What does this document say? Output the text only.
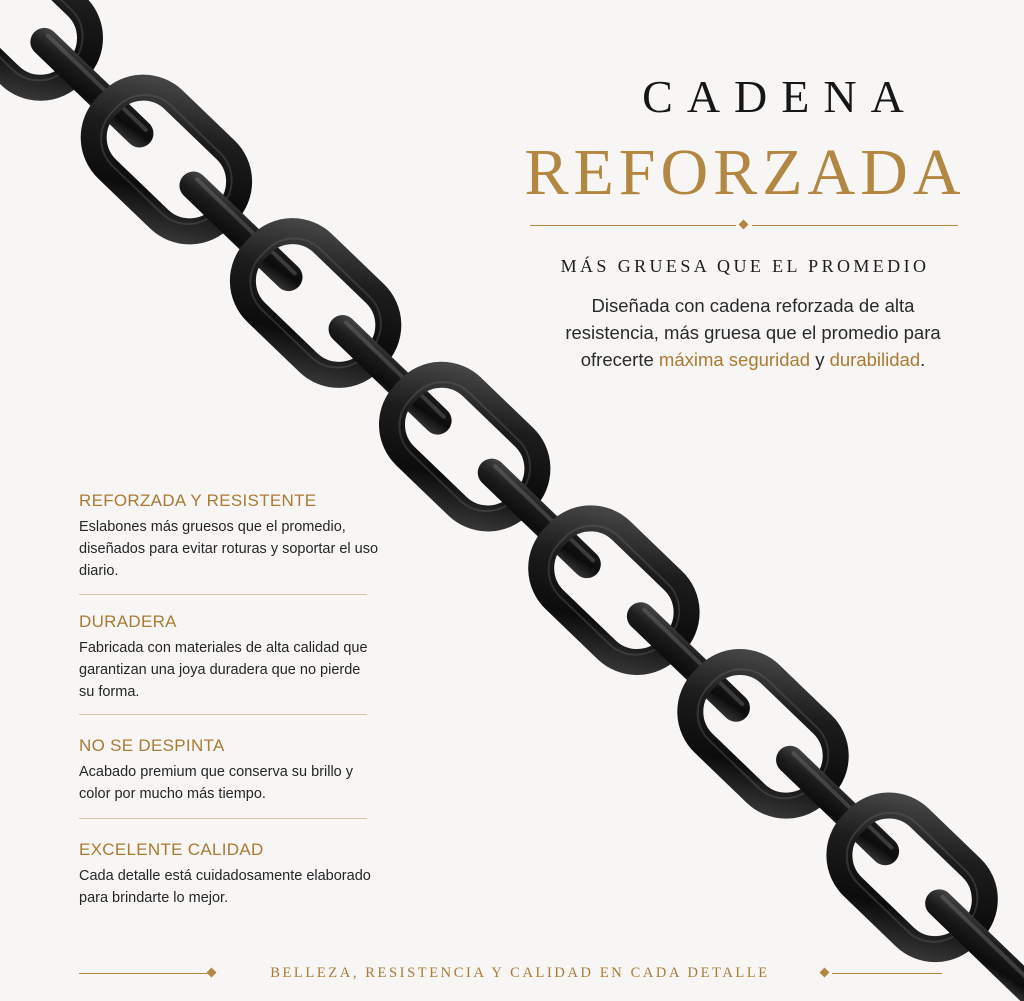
CADENA
REFORZADA
MÁS GRUESA QUE EL PROMEDIO
Diseñada con cadena reforzada de alta resistencia, más gruesa que el promedio para ofrecerte máxima seguridad y durabilidad.
REFORZADA Y RESISTENTE

Eslabones más gruesos que el promedio, diseñados para evitar roturas y soportar el uso diario.

DURADERA

Fabricada con materiales de alta calidad que garantizan una joya duradera que no pierde su forma.

NO SE DESPINTA

Acabado premium que conserva su brillo y color por mucho más tiempo.

EXCELENTE CALIDAD

Cada detalle está cuidadosamente elaborado para brindarte lo mejor.

BELLEZA, RESISTENCIA Y CALIDAD EN CADA DETALLE
